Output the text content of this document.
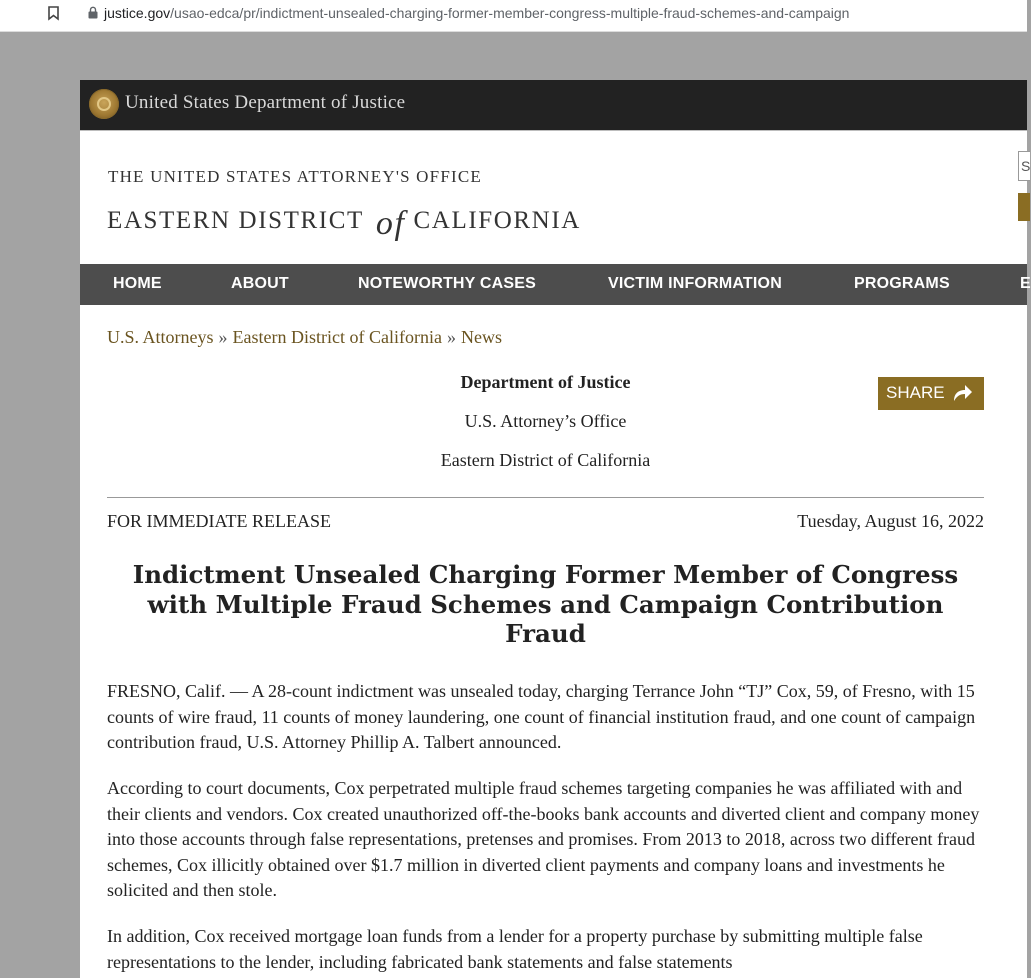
justice.gov/usao-edca/pr/indictment-unsealed-charging-former-member-congress-multiple-fraud-schemes-and-campaign
United States Department of Justice
THE UNITED STATES ATTORNEY'S OFFICE
EASTERN DISTRICT of CALIFORNIA
S
HOME	ABOUT	NOTEWORTHY CASES	VICTIM INFORMATION	PROGRAMS	E
U.S. Attorneys » Eastern District of California » News
Department of Justice
U.S. Attorney’s Office
Eastern District of California
SHARE
FOR IMMEDIATE RELEASE	Tuesday, August 16, 2022
Indictment Unsealed Charging Former Member of Congress with Multiple Fraud Schemes and Campaign Contribution Fraud
FRESNO, Calif. — A 28-count indictment was unsealed today, charging Terrance John “TJ” Cox, 59, of Fresno, with 15 counts of wire fraud, 11 counts of money laundering, one count of financial institution fraud, and one count of campaign contribution fraud, U.S. Attorney Phillip A. Talbert announced.
According to court documents, Cox perpetrated multiple fraud schemes targeting companies he was affiliated with and their clients and vendors. Cox created unauthorized off-the-books bank accounts and diverted client and company money into those accounts through false representations, pretenses and promises. From 2013 to 2018, across two different fraud schemes, Cox illicitly obtained over $1.7 million in diverted client payments and company loans and investments he solicited and then stole.
In addition, Cox received mortgage loan funds from a lender for a property purchase by submitting multiple false representations to the lender, including fabricated bank statements and false statements
